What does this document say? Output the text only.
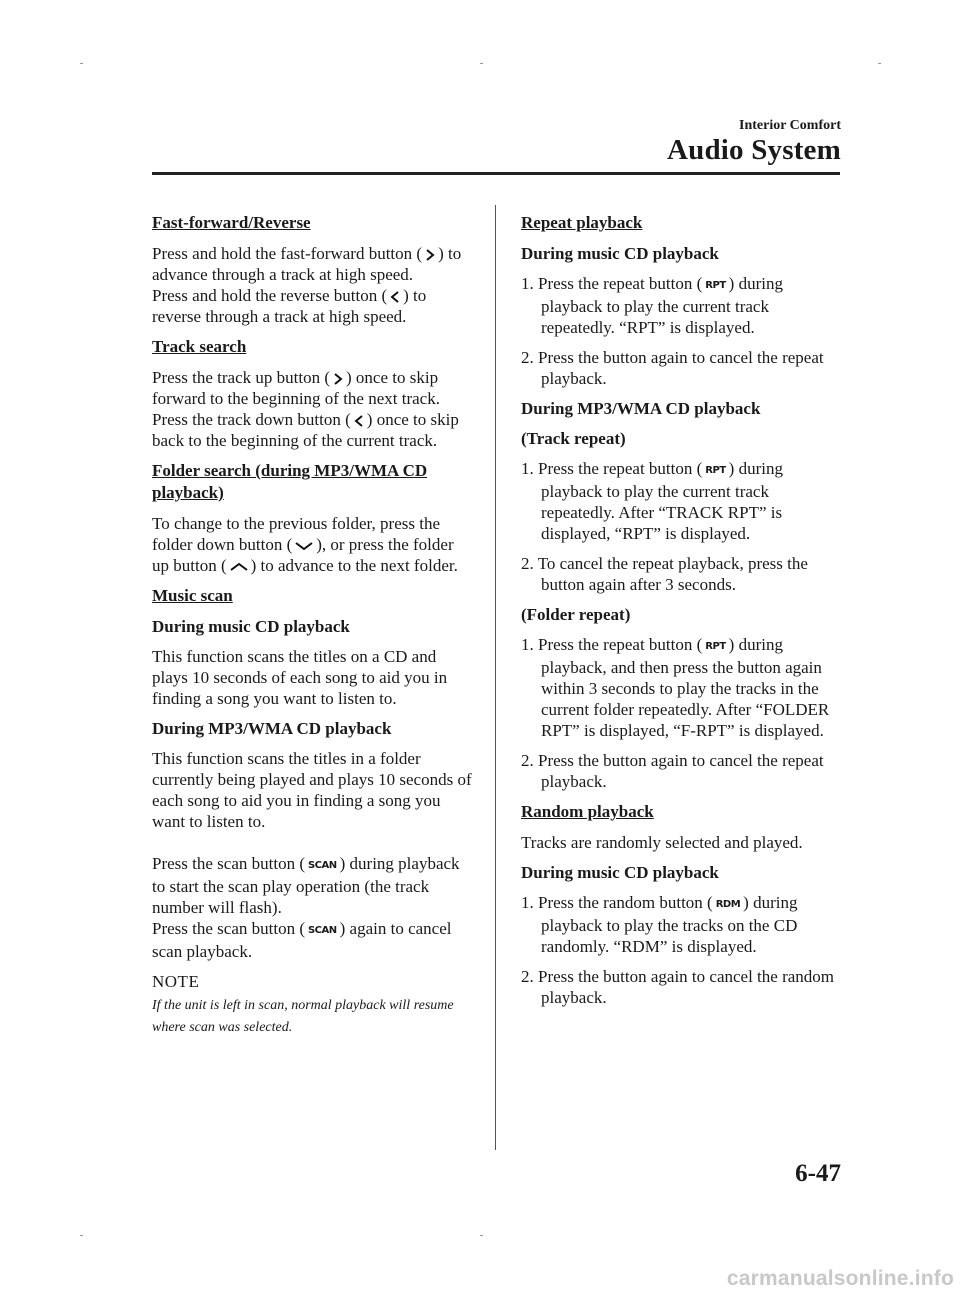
Interior Comfort
Audio System
Fast-forward/Reverse

Press and hold the fast-forward button ( ) to advance through a track at high speed.
Press and hold the reverse button ( ) to reverse through a track at high speed.

Track search

Press the track up button ( ) once to skip forward to the beginning of the next track.
Press the track down button ( ) once to skip back to the beginning of the current track.

Folder search (during MP3/WMA CD playback)

To change to the previous folder, press the folder down button ( ), or press the folder up button ( ) to advance to the next folder.

Music scan
During music CD playback

This function scans the titles on a CD and plays 10 seconds of each song to aid you in finding a song you want to listen to.

During MP3/WMA CD playback

This function scans the titles in a folder currently being played and plays 10 seconds of each song to aid you in finding a song you want to listen to.

Press the scan button ( SCAN ) during playback to start the scan play operation (the track number will flash).
Press the scan button ( SCAN ) again to cancel scan playback.

NOTE

If the unit is left in scan, normal playback will resume where scan was selected.

Repeat playback
During music CD playback
1. Press the repeat button ( RPT ) during playback to play the current track repeatedly. “RPT” is displayed.
2. Press the button again to cancel the repeat playback.
During MP3/WMA CD playback
(Track repeat)
1. Press the repeat button ( RPT ) during playback to play the current track repeatedly. After “TRACK RPT” is displayed, “RPT” is displayed.
2. To cancel the repeat playback, press the button again after 3 seconds.
(Folder repeat)
1. Press the repeat button ( RPT ) during playback, and then press the button again within 3 seconds to play the tracks in the current folder repeatedly. After “FOLDER RPT” is displayed, “F-RPT” is displayed.
2. Press the button again to cancel the repeat playback.
Random playback

Tracks are randomly selected and played.

During music CD playback
1. Press the random button ( RDM ) during playback to play the tracks on the CD randomly. “RDM” is displayed.
2. Press the button again to cancel the random playback.
6-47
carmanualsonline.info
